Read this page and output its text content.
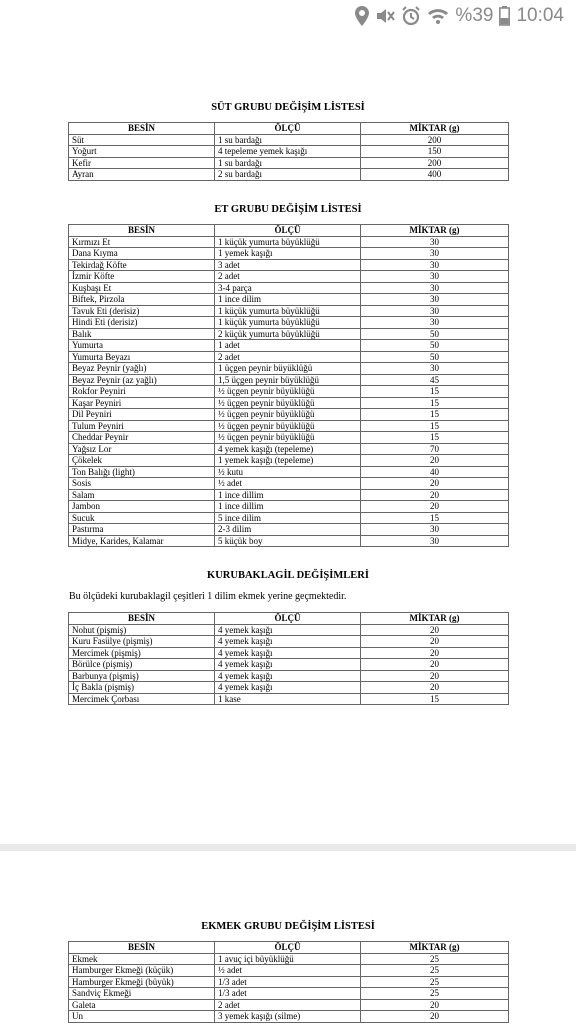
%39 10:04
SÜT GRUBU DEĞİŞİM LİSTESİ
BESİN	ÖLÇÜ	MİKTAR (g)
Süt	1 su bardağı	200
Yoğurt	4 tepeleme yemek kaşığı	150
Kefir	1 su bardağı	200
Ayran	2 su bardağı	400
ET GRUBU DEĞİŞİM LİSTESİ
BESİN	ÖLÇÜ	MİKTAR (g)
Kırmızı Et	1 küçük yumurta büyüklüğü	30
Dana Kıyma	1 yemek kaşığı	30
Tekirdağ Köfte	3 adet	30
İzmir Köfte	2 adet	30
Kuşbaşı Et	3-4 parça	30
Biftek, Pirzola	1 ince dilim	30
Tavuk Eti (derisiz)	1 küçük yumurta büyüklüğü	30
Hindi Eti (derisiz)	1 küçük yumurta büyüklüğü	30
Balık	2 küçük yumurta büyüklüğü	50
Yumurta	1 adet	50
Yumurta Beyazı	2 adet	50
Beyaz Peynir (yağlı)	1 üçgen peynir büyüklüğü	30
Beyaz Peynir (az yağlı)	1,5 üçgen peynir büyüklüğü	45
Rokfor Peyniri	½ üçgen peynir büyüklüğü	15
Kaşar Peyniri	½ üçgen peynir büyüklüğü	15
Dil Peyniri	½ üçgen peynir büyüklüğü	15
Tulum Peyniri	½ üçgen peynir büyüklüğü	15
Cheddar Peynir	½ üçgen peynir büyüklüğü	15
Yağsız Lor	4 yemek kaşığı (tepeleme)	70
Çökelek	1 yemek kaşığı (tepeleme)	20
Ton Balığı (light)	½ kutu	40
Sosis	½ adet	20
Salam	1 ince dillim	20
Jambon	1 ince dillim	20
Sucuk	5 ince dilim	15
Pastırma	2-3 dilim	30
Midye, Karides, Kalamar	5 küçük boy	30
KURUBAKLAGİL DEĞİŞİMLERİ
Bu ölçüdeki kurubaklagil çeşitleri 1 dilim ekmek yerine geçmektedir.
BESİN	ÖLÇÜ	MİKTAR (g)
Nohut (pişmiş)	4 yemek kaşığı	20
Kuru Fasülye (pişmiş)	4 yemek kaşığı	20
Mercimek (pişmiş)	4 yemek kaşığı	20
Börülce (pişmiş)	4 yemek kaşığı	20
Barbunya (pişmiş)	4 yemek kaşığı	20
İç Bakla (pişmiş)	4 yemek kaşığı	20
Mercimek Çorbası	1 kase	15
EKMEK GRUBU DEĞİŞİM LİSTESİ
BESİN	ÖLÇÜ	MİKTAR (g)
Ekmek	1 avuç içi büyüklüğü	25
Hamburger Ekmeği (küçük)	½ adet	25
Hamburger Ekmeği (büyük)	1/3 adet	25
Sandviç Ekmeği	1/3 adet	25
Galeta	2 adet	20
Un	3 yemek kaşığı (silme)	20
